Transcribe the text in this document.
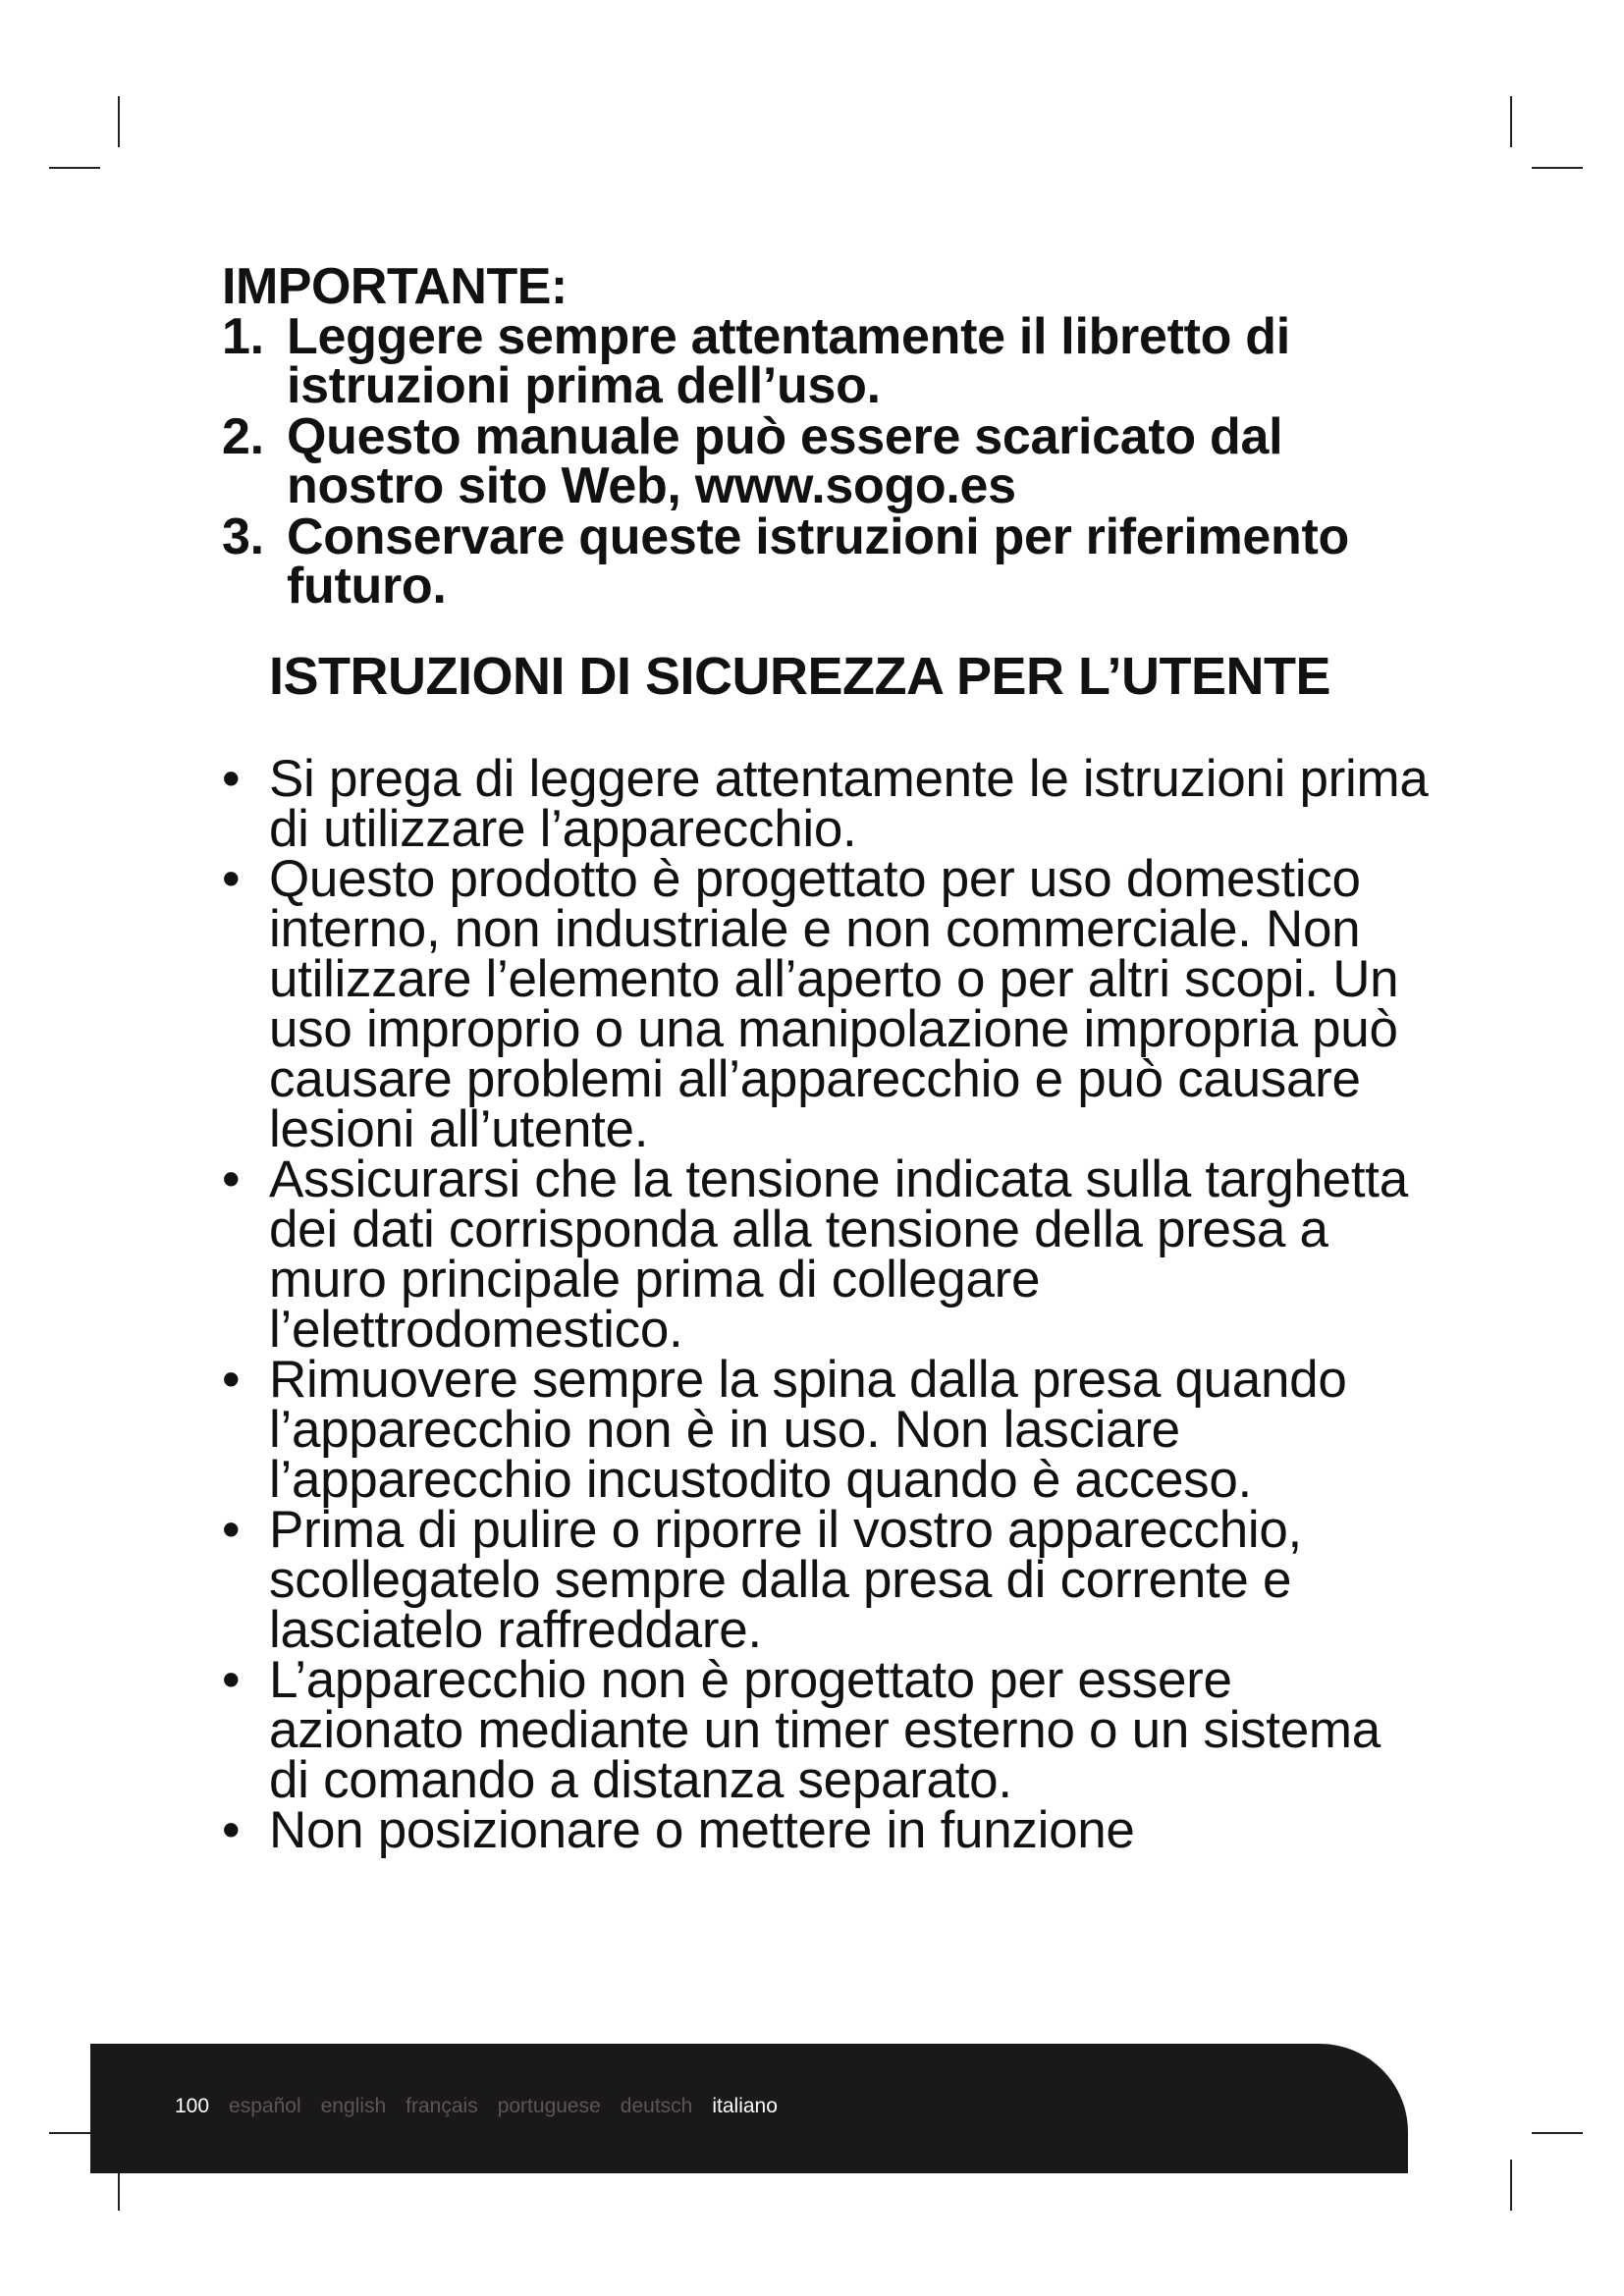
IMPORTANTE:
1. Leggere sempre attentamente il libretto di istruzioni prima dell’uso.
2. Questo manuale può essere scaricato dal nostro sito Web, www.sogo.es
3. Conservare queste istruzioni per riferimento futuro.
ISTRUZIONI DI SICUREZZA PER L’UTENTE
• Si prega di leggere attentamente le istruzioni prima di utilizzare l’apparecchio.
• Questo prodotto è progettato per uso domestico interno, non industriale e non commerciale. Non utilizzare l’elemento all’aperto o per altri scopi. Un uso improprio o una manipolazione impropria può causare problemi all’apparecchio e può causare lesioni all’utente.
• Assicurarsi che la tensione indicata sulla targhetta dei dati corrisponda alla tensione della presa a muro principale prima di collegare l’elettrodomestico.
• Rimuovere sempre la spina dalla presa quando l’apparecchio non è in uso. Non lasciare l’apparecchio incustodito quando è acceso.
• Prima di pulire o riporre il vostro apparecchio, scollegatelo sempre dalla presa di corrente e lasciatelo raffreddare.
• L’apparecchio non è progettato per essere azionato mediante un timer esterno o un sistema di comando a distanza separato.
• Non posizionare o mettere in funzione
100 español english français portuguese deutsch italiano
